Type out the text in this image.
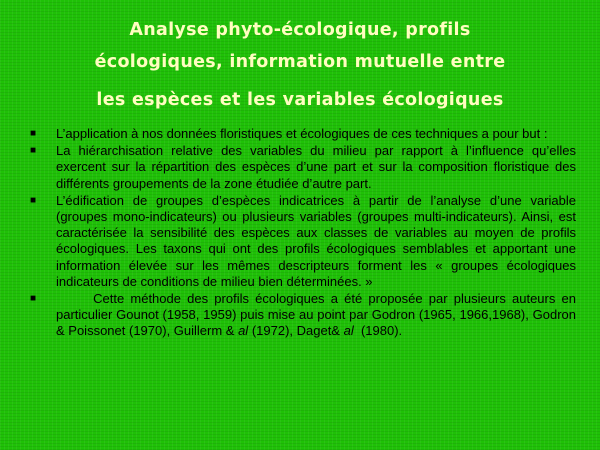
Analyse phyto-écologique, profils
écologiques, information mutuelle entre
les espèces et les variables écologiques
■ L’application à nos données floristiques et écologiques de ces techniques a pour but :
■ La hiérarchisation relative des variables du milieu par rapport à l’influence qu’elles exercent sur la répartition des espèces d’une part et sur la composition floristique des différents groupements de la zone étudiée d’autre part.
■ L’édification de groupes d’espèces indicatrices à partir de l’analyse d’une variable (groupes mono-indicateurs) ou plusieurs variables (groupes multi-indicateurs). Ainsi, est caractérisée la sensibilité des espèces aux classes de variables au moyen de profils écologiques. Les taxons qui ont des profils écologiques semblables et apportant une information élevée sur les mêmes descripteurs forment les « groupes écologiques indicateurs de conditions de milieu bien déterminées. »
■ Cette méthode des profils écologiques a été proposée par plusieurs auteurs en particulier Gounot (1958, 1959) puis mise au point par Godron (1965, 1966,1968), Godron & Poissonet (1970), Guillerm & al (1972), Daget& al  (1980).
